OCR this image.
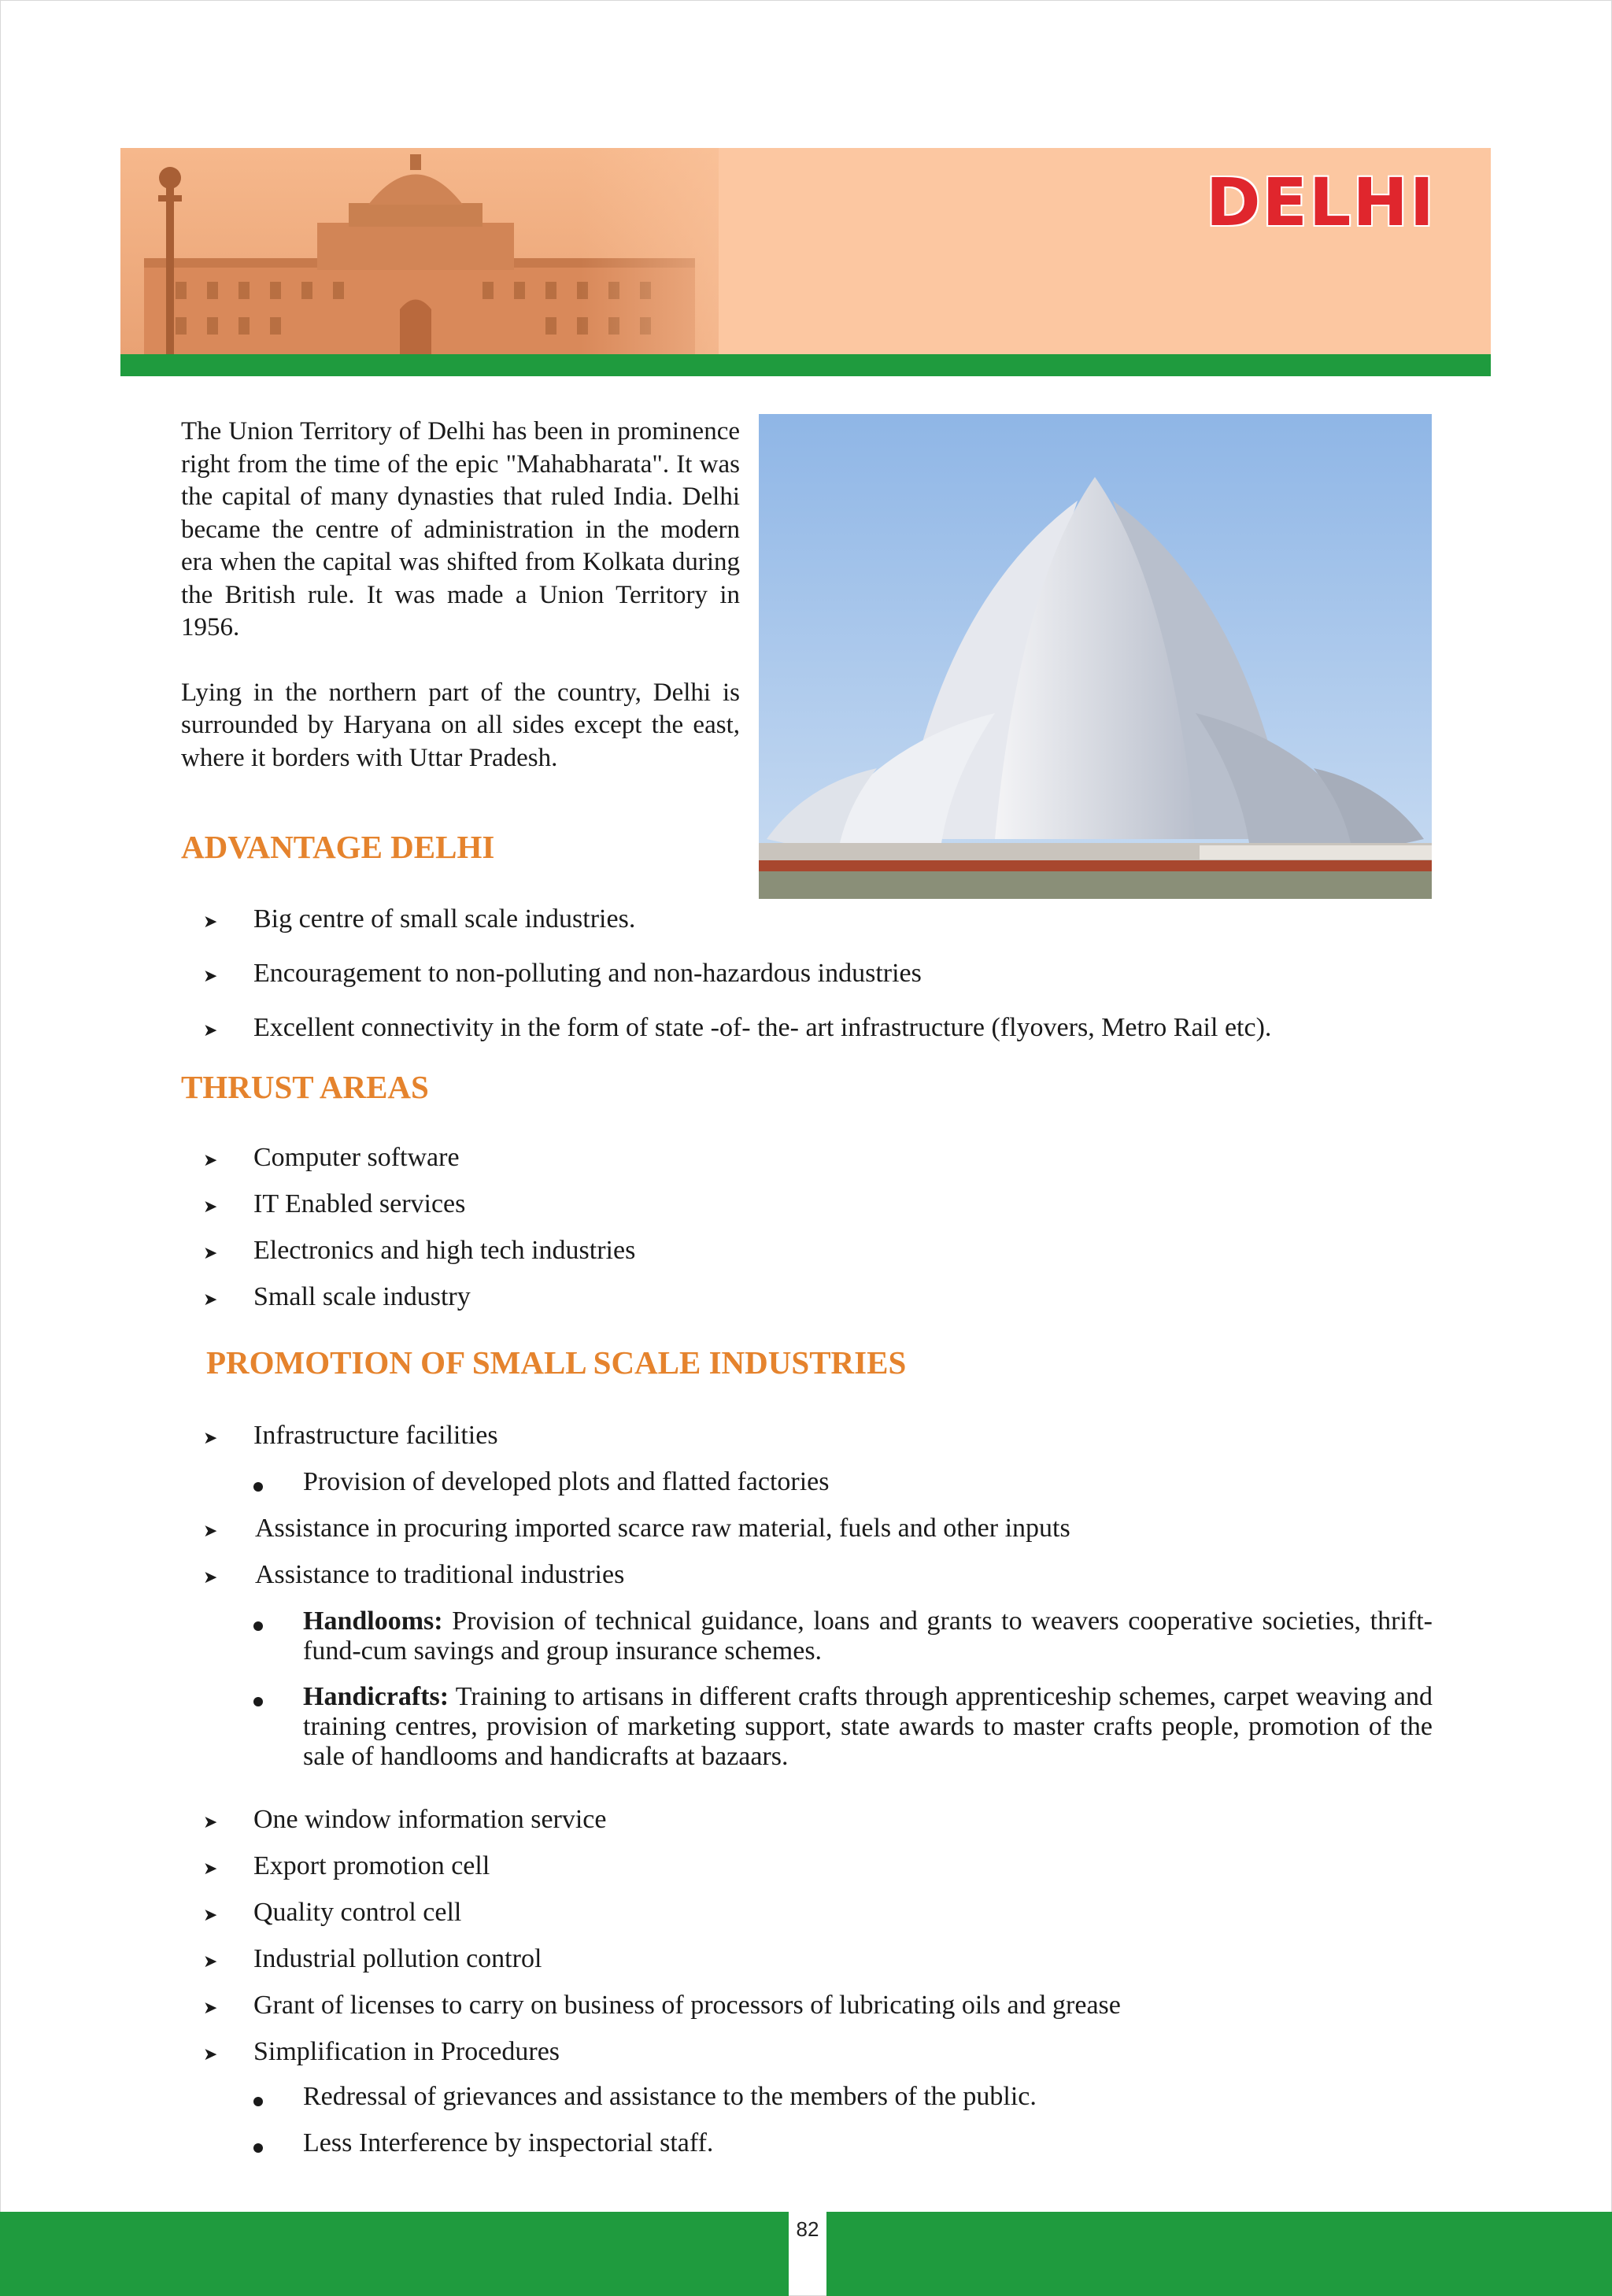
DELHI

The Union Territory of Delhi has been in prominence right from the time of the epic "Mahabharata". It was the capital of many dynasties that ruled India. Delhi became the centre of administration in the modern era when the capital was shifted from Kolkata during the British rule. It was made a Union Territory in 1956.

Lying in the northern part of the country, Delhi is surrounded by Haryana on all sides except the east, where it borders with Uttar Pradesh.

ADVANTAGE DELHI
➤ Big centre of small scale industries.
➤ Encouragement to non-polluting and non-hazardous industries
➤ Excellent connectivity in the form of state -of- the- art infrastructure (flyovers, Metro Rail etc).
THRUST AREAS
➤ Computer software
➤ IT Enabled services
➤ Electronics and high tech industries
➤ Small scale industry
PROMOTION OF SMALL SCALE INDUSTRIES
➤ Infrastructure facilities
Provision of developed plots and flatted factories
➤ Assistance in procuring imported scarce raw material, fuels and other inputs
➤ Assistance to traditional industries
Handlooms: Provision of technical guidance, loans and grants to weavers cooperative societies, thrift- fund-cum savings and group insurance schemes.
Handicrafts: Training to artisans in different crafts through apprenticeship schemes, carpet weaving and training centres, provision of marketing support, state awards to master crafts people, promotion of the sale of handlooms and handicrafts at bazaars.
➤ One window information service
➤ Export promotion cell
➤ Quality control cell
➤ Industrial pollution control
➤ Grant of licenses to carry on business of processors of lubricating oils and grease
➤ Simplification in Procedures
Redressal of grievances and assistance to the members of the public.
Less Interference by inspectorial staff.
82
